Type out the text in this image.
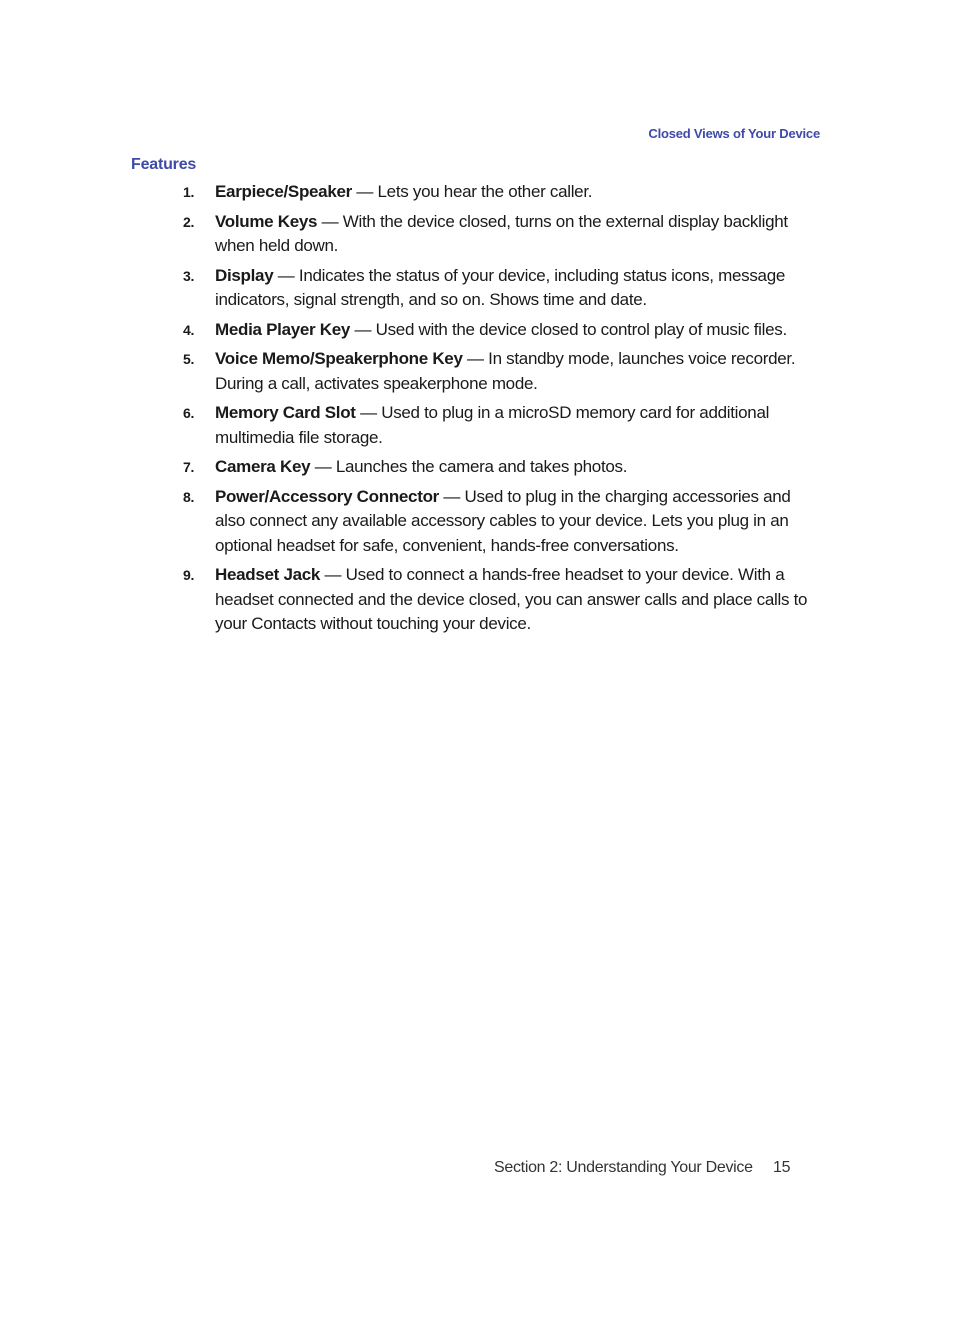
Closed Views of Your Device
Features
1.	Earpiece/Speaker — Lets you hear the other caller.
2.	Volume Keys — With the device closed, turns on the external display backlight when held down.
3.	Display — Indicates the status of your device, including status icons, message indicators, signal strength, and so on. Shows time and date.
4.	Media Player Key — Used with the device closed to control play of music files.
5.	Voice Memo/Speakerphone Key — In standby mode, launches voice recorder. During a call, activates speakerphone mode.
6.	Memory Card Slot — Used to plug in a microSD memory card for additional multimedia file storage.
7.	Camera Key — Launches the camera and takes photos.
8.	Power/Accessory Connector — Used to plug in the charging accessories and also connect any available accessory cables to your device. Lets you plug in an optional headset for safe, convenient, hands-free conversations.
9.	Headset Jack — Used to connect a hands-free headset to your device. With a headset connected and the device closed, you can answer calls and place calls to your Contacts without touching your device.
Section 2: Understanding Your Device 15
